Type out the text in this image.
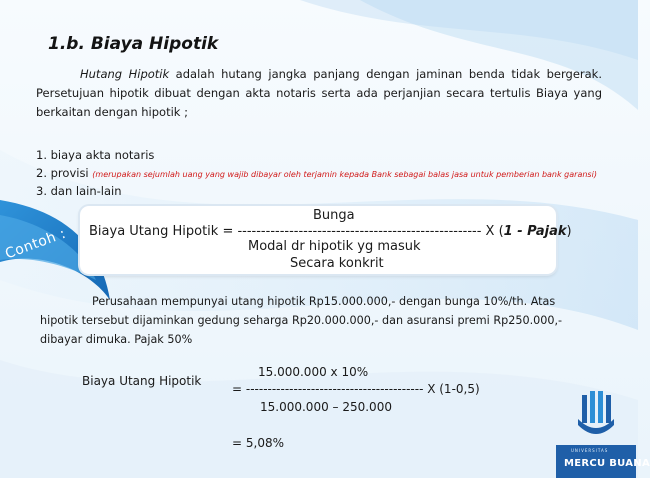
1.b. Biaya Hipotik
Hutang Hipotik adalah hutang jangka panjang dengan jaminan benda tidak bergerak. Persetujuan hipotik dibuat dengan akta notaris serta ada perjanjian secara tertulis Biaya yang berkaitan dengan hipotik ;
1. biaya akta notaris
2. provisi (merupakan sejumlah uang yang wajib dibayar oleh terjamin kepada Bank sebagai balas jasa untuk pemberian bank garansi)
3. dan lain-lain
Bunga
Biaya Utang Hipotik = ---------------------------------------------------- X (1 - Pajak)
Modal dr hipotik yg masuk
Secara konkrit
Contoh :
Perusahaan mempunyai utang hipotik Rp15.000.000,- dengan bunga 10%/th. Atas
hipotik tersebut dijaminkan gedung seharga Rp20.000.000,- dan asuransi premi Rp250.000,-
dibayar dimuka. Pajak 50%
15.000.000 x 10%
Biaya Utang Hipotik
= ----------------------------------------- X (1-0,5)
15.000.000 – 250.000
= 5,08%
UNIVERSITAS
MERCU BUANA
